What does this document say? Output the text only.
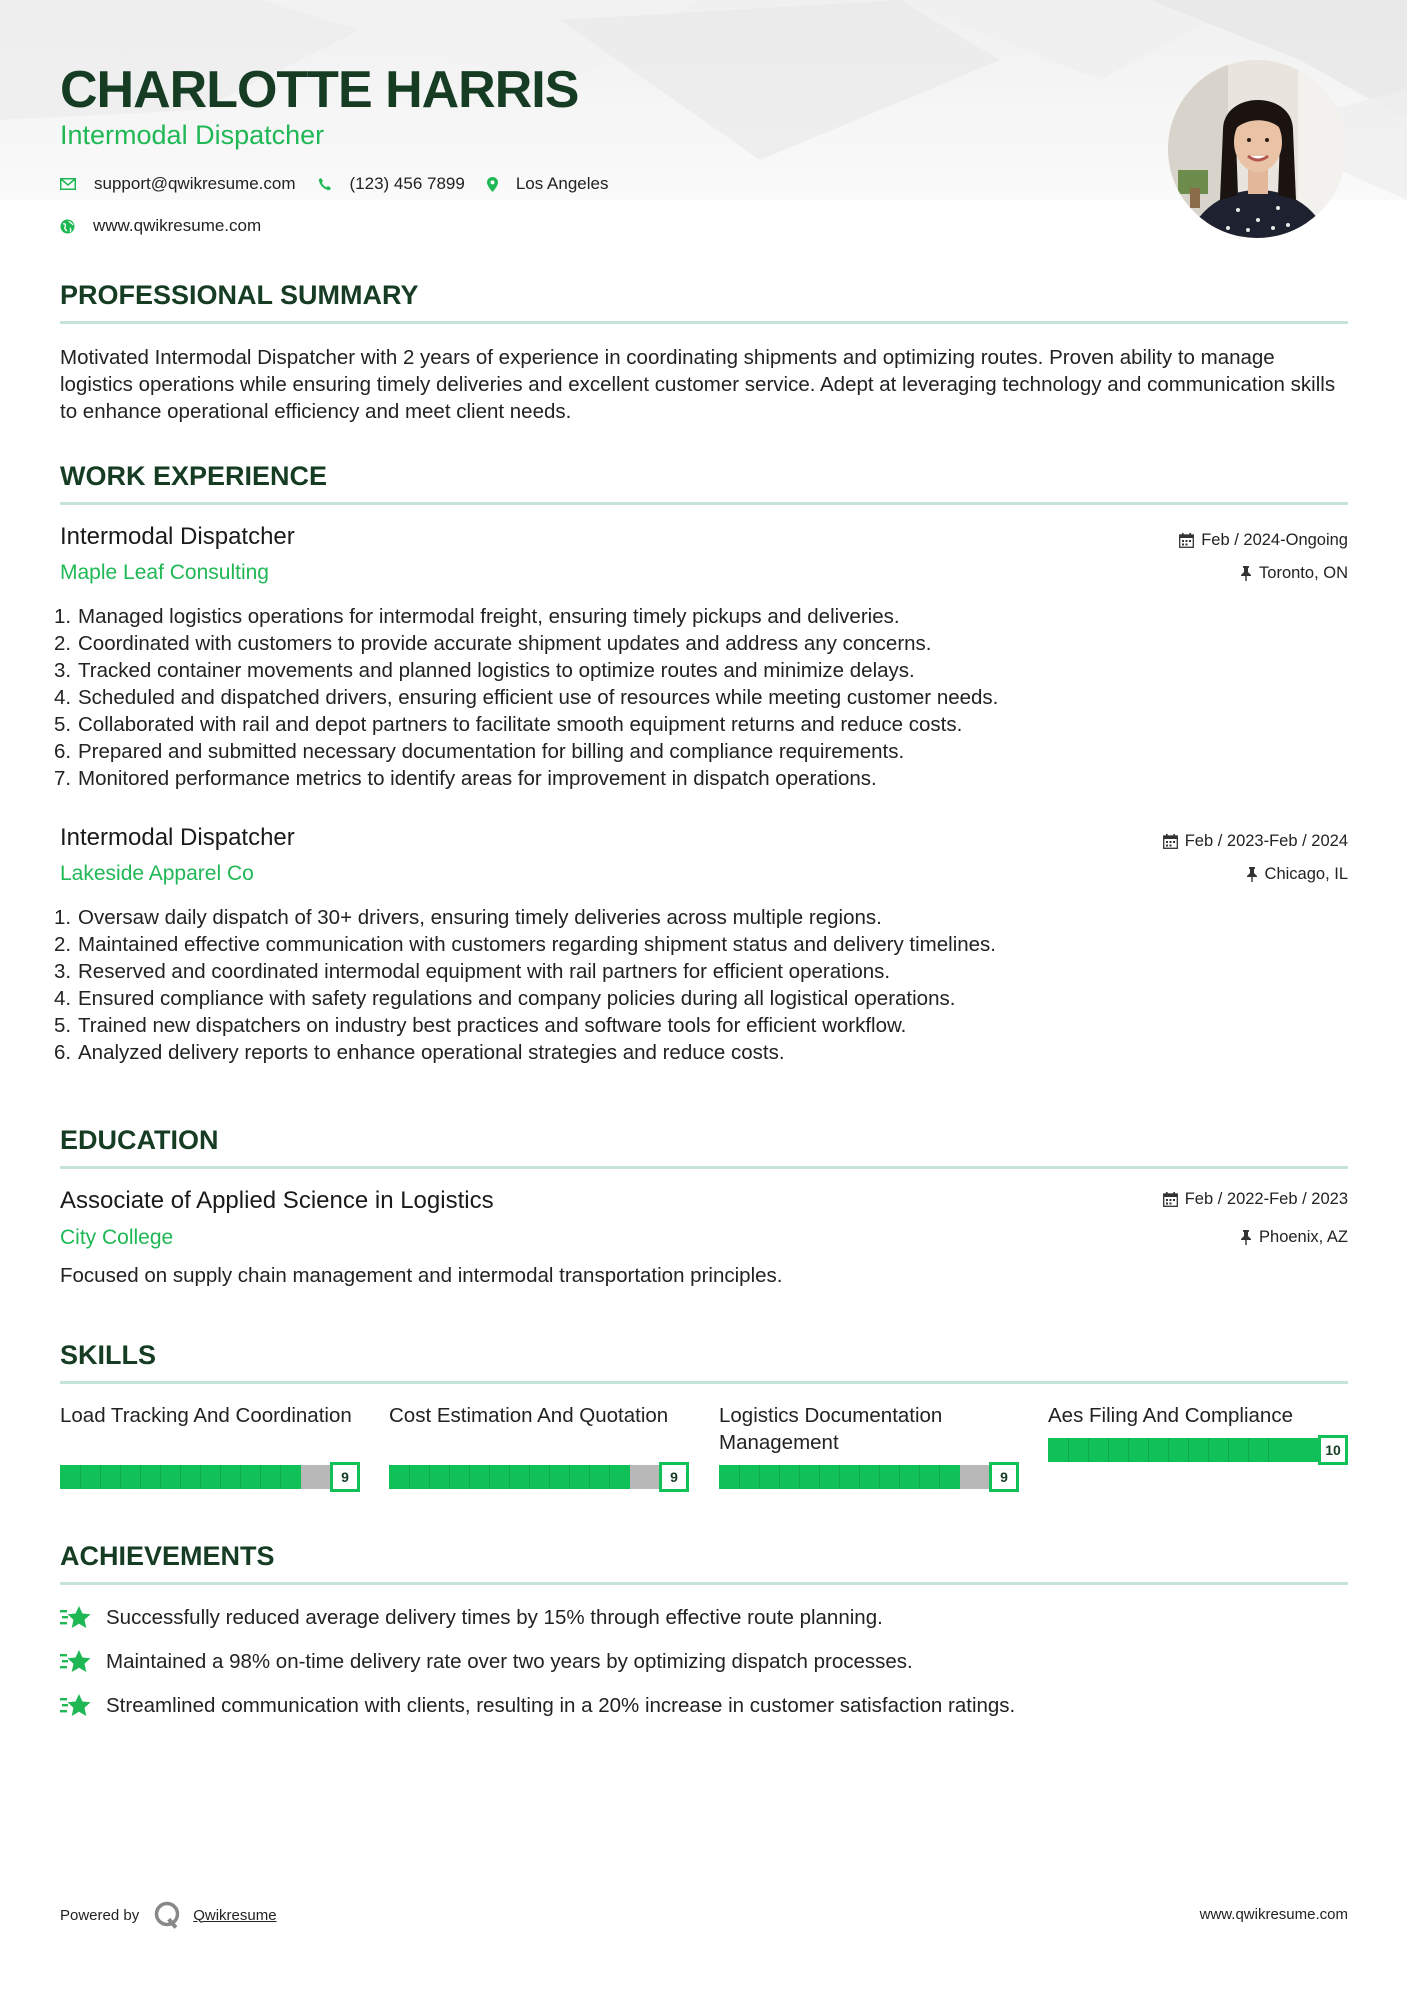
CHARLOTTE HARRIS
Intermodal Dispatcher
support@qwikresume.com	(123) 456 7899	Los Angeles
www.qwikresume.com
PROFESSIONAL SUMMARY
Motivated Intermodal Dispatcher with 2 years of experience in coordinating shipments and optimizing routes. Proven ability to manage logistics operations while ensuring timely deliveries and excellent customer service. Adept at leveraging technology and communication skills to enhance operational efficiency and meet client needs.
WORK EXPERIENCE
Intermodal Dispatcher
Maple Leaf Consulting
Feb / 2024-Ongoing
Toronto, ON
1. Managed logistics operations for intermodal freight, ensuring timely pickups and deliveries.
2. Coordinated with customers to provide accurate shipment updates and address any concerns.
3. Tracked container movements and planned logistics to optimize routes and minimize delays.
4. Scheduled and dispatched drivers, ensuring efficient use of resources while meeting customer needs.
5. Collaborated with rail and depot partners to facilitate smooth equipment returns and reduce costs.
6. Prepared and submitted necessary documentation for billing and compliance requirements.
7. Monitored performance metrics to identify areas for improvement in dispatch operations.
Intermodal Dispatcher
Lakeside Apparel Co
Feb / 2023-Feb / 2024
Chicago, IL
1. Oversaw daily dispatch of 30+ drivers, ensuring timely deliveries across multiple regions.
2. Maintained effective communication with customers regarding shipment status and delivery timelines.
3. Reserved and coordinated intermodal equipment with rail partners for efficient operations.
4. Ensured compliance with safety regulations and company policies during all logistical operations.
5. Trained new dispatchers on industry best practices and software tools for efficient workflow.
6. Analyzed delivery reports to enhance operational strategies and reduce costs.
EDUCATION
Associate of Applied Science in Logistics
City College
Feb / 2022-Feb / 2023
Phoenix, AZ
Focused on supply chain management and intermodal transportation principles.
SKILLS
Load Tracking And Coordination
9
Cost Estimation And Quotation
9
Logistics Documentation Management
9
Aes Filing And Compliance
10
ACHIEVEMENTS
Successfully reduced average delivery times by 15% through effective route planning.
Maintained a 98% on-time delivery rate over two years by optimizing dispatch processes.
Streamlined communication with clients, resulting in a 20% increase in customer satisfaction ratings.
Powered by	Qwikresume	www.qwikresume.com
